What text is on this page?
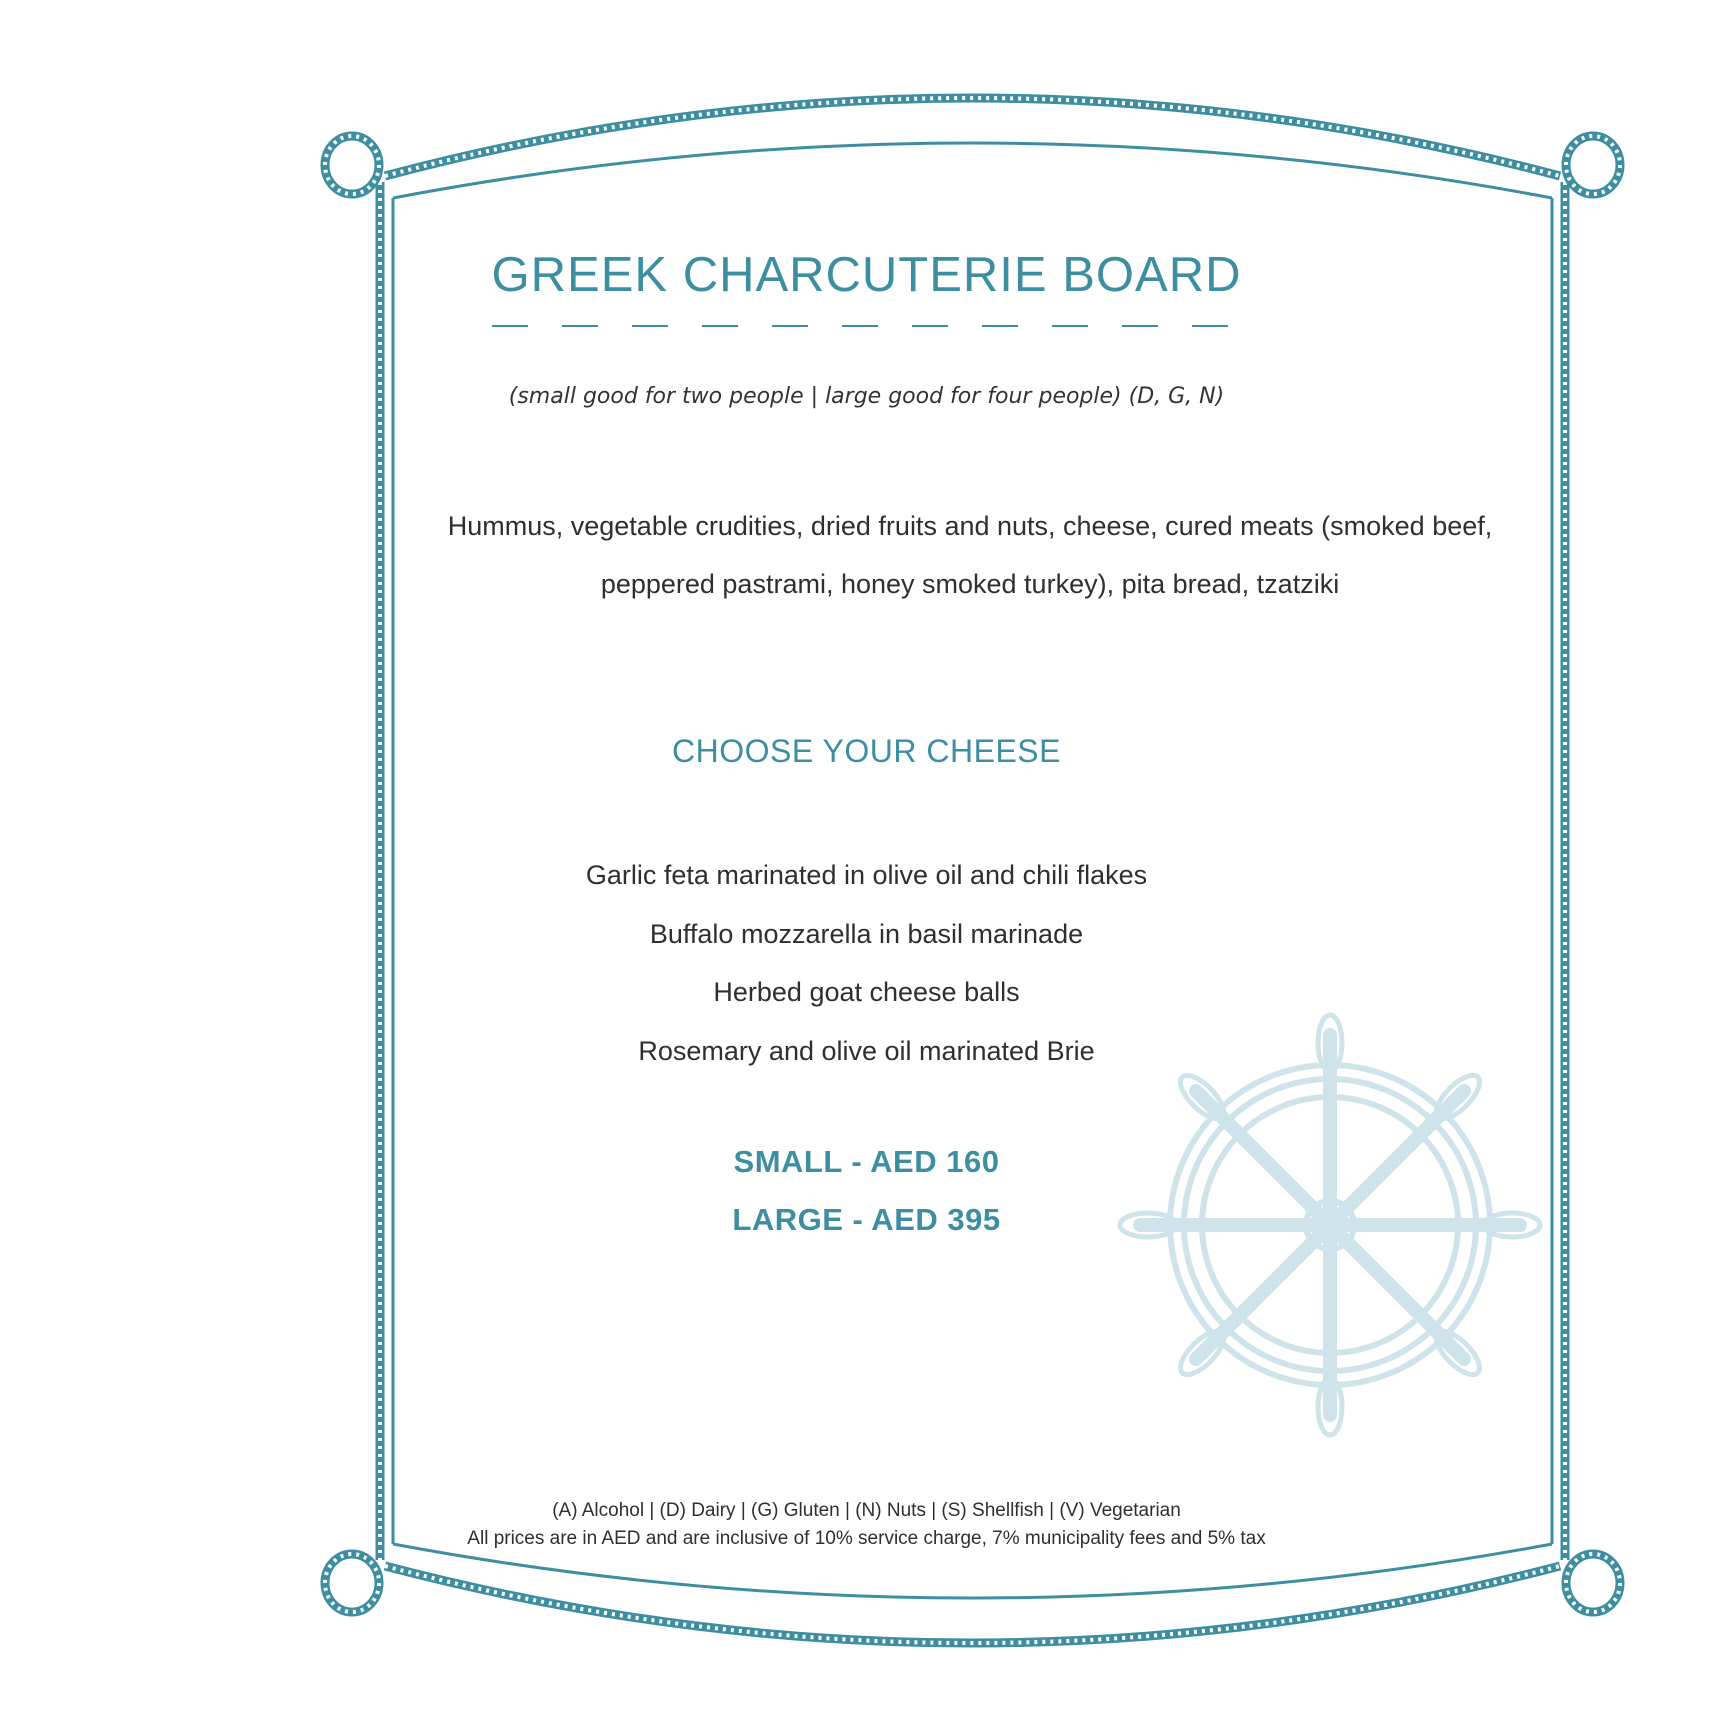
GREEK CHARCUTERIE BOARD
(small good for two people | large good for four people) (D, G, N)
Hummus, vegetable crudities, dried fruits and nuts, cheese, cured meats (smoked beef, peppered pastrami, honey smoked turkey), pita bread, tzatziki
CHOOSE YOUR CHEESE
Garlic feta marinated in olive oil and chili flakes
Buffalo mozzarella in basil marinade
Herbed goat cheese balls
Rosemary and olive oil marinated Brie
SMALL - AED 160
LARGE - AED 395
(A) Alcohol | (D) Dairy | (G) Gluten | (N) Nuts | (S) Shellfish | (V) Vegetarian
All prices are in AED and are inclusive of 10% service charge, 7% municipality fees and 5% tax
